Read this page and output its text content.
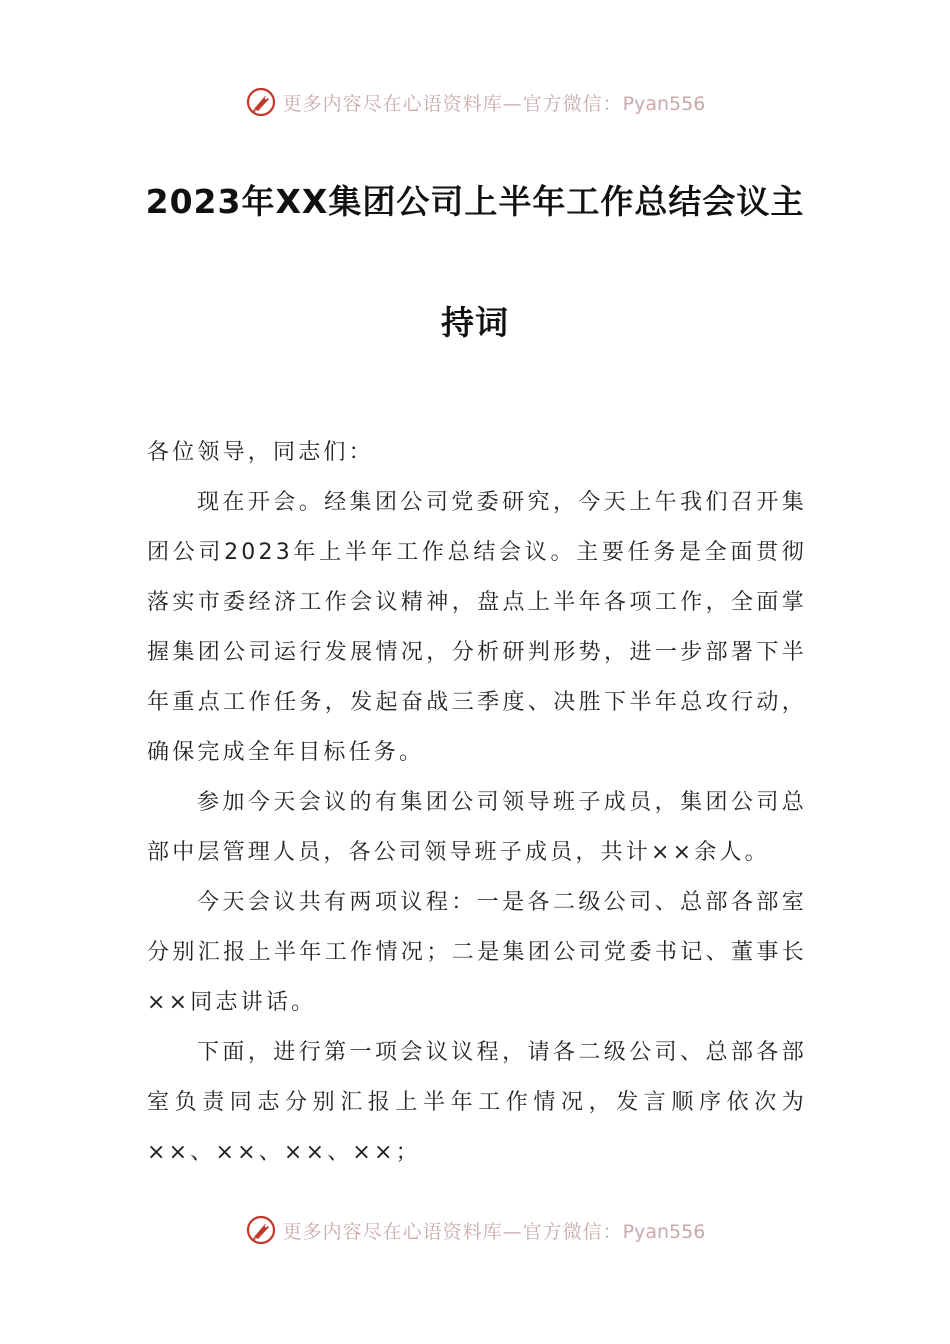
更多内容尽在心语资料库—官方微信：Pyan556
2023年XX集团公司上半年工作总结会议主
持词

各位领导，同志们：

现在开会。经集团公司党委研究，今天上午我们召开集团公司2023年上半年工作总结会议。主要任务是全面贯彻落实市委经济工作会议精神，盘点上半年各项工作，全面掌握集团公司运行发展情况，分析研判形势，进一步部署下半年重点工作任务，发起奋战三季度、决胜下半年总攻行动，确保完成全年目标任务。

参加今天会议的有集团公司领导班子成员，集团公司总部中层管理人员，各公司领导班子成员，共计××余人。

今天会议共有两项议程：一是各二级公司、总部各部室分别汇报上半年工作情况；二是集团公司党委书记、董事长××同志讲话。

下面，进行第一项会议议程，请各二级公司、总部各部室负责同志分别汇报上半年工作情况，发言顺序依次为××、××、××、××；

更多内容尽在心语资料库—官方微信：Pyan556
